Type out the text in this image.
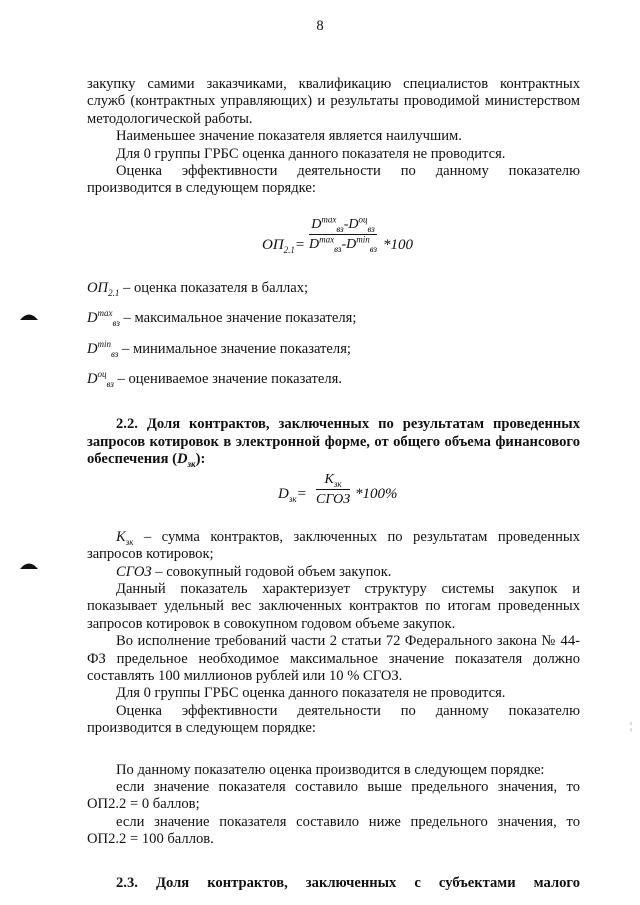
8
¦

закупку самими заказчиками, квалификацию специалистов контрактных служб (контрактных управляющих) и результаты проводимой министерством методологической работы.

Наименьшее значение показателя является наилучшим.

Для 0 группы ГРБС оценка данного показателя не проводится.

Оценка эффективности деятельности по данному показателю производится в следующем порядке:

$ОП_{2.1}=$
$D^{max}_{вз}-D^{оц}_{вз}$
$D^{max}_{вз}-D^{min}_{вз}$ *100

$ОП_{2.1}$ – оценка показателя в баллах;

$D^{max}_{вз}$ – максимальное значение показателя;

$D^{min}_{вз}$ – минимальное значение показателя;

$D^{оц}_{вз}$ – оцениваемое значение показателя.

2.2. Доля контрактов, заключенных по результатам проведенных запросов котировок в электронной форме, от общего объема финансового обеспечения $(D_{зк})$:

$D_{зк}=$
$K_{зк}$
СГОЗ *100%

$K_{зк}$ – сумма контрактов, заключенных по результатам проведенных запросов котировок;

СГОЗ – совокупный годовой объем закупок.

Данный показатель характеризует структуру системы закупок и показывает удельный вес заключенных контрактов по итогам проведенных запросов котировок в совокупном годовом объеме закупок.

Во исполнение требований части 2 статьи 72 Федерального закона № 44-ФЗ предельное необходимое максимальное значение показателя должно составлять 100 миллионов рублей или 10 % СГОЗ.

Для 0 группы ГРБС оценка данного показателя не проводится.

Оценка эффективности деятельности по данному показателю производится в следующем порядке:

По данному показателю оценка производится в следующем порядке:

если значение показателя составило выше предельного значения, то ОП2.2 = 0 баллов;

если значение показателя составило ниже предельного значения, то ОП2.2 = 100 баллов.

2.3. Доля контрактов, заключенных с субъектами малого
